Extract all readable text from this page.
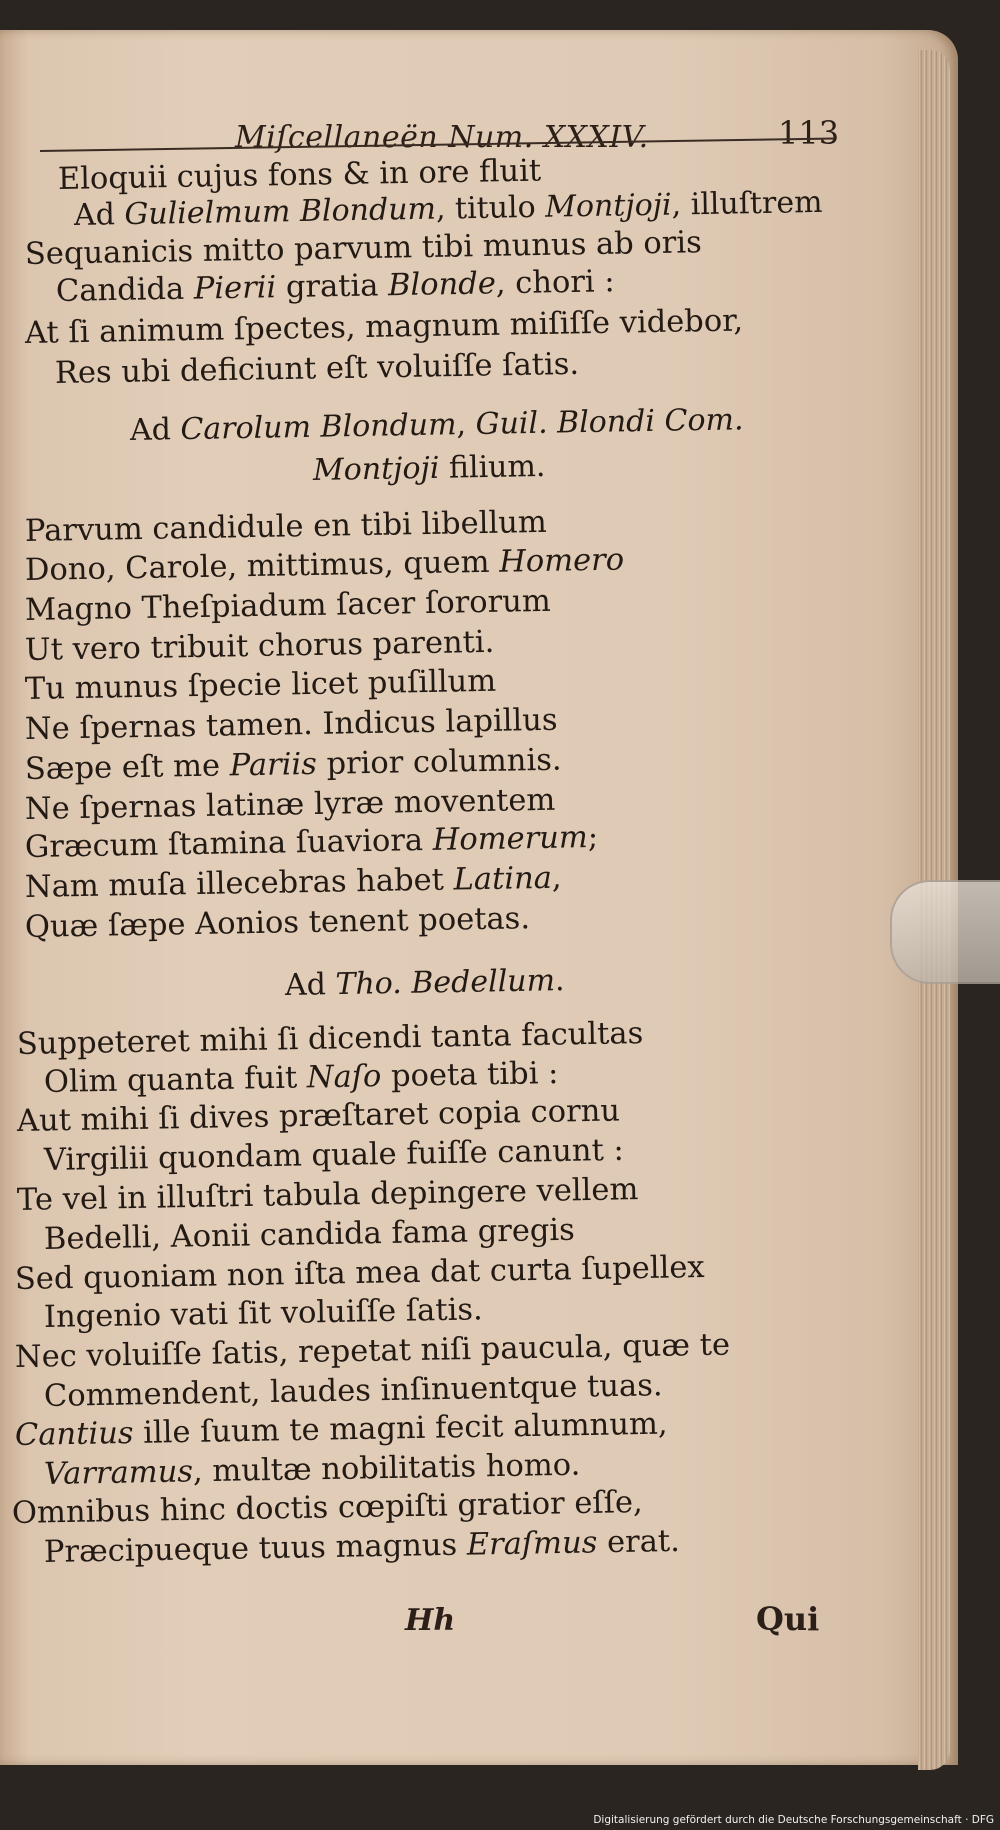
Miſcellaneën Num. XXXIV.	113
Eloquii cujus fons & in ore fluit
Ad Gulielmum Blondum, titulo Montjoji, illuſtrem
Sequanicis mitto parvum tibi munus ab oris
Candida Pierii gratia Blonde, chori :
At ſi animum ſpectes, magnum miſiſſe videbor,
Res ubi deficiunt eſt voluiſſe ſatis.
Ad Carolum Blondum, Guil. Blondi Com.
Montjoji filium.
Parvum candidule en tibi libellum
Dono, Carole, mittimus, quem Homero
Magno Theſpiadum ſacer ſororum
Ut vero tribuit chorus parenti.
Tu munus ſpecie licet puſillum
Ne ſpernas tamen. Indicus lapillus
Sæpe eſt me Pariis prior columnis.
Ne ſpernas latinæ lyræ moventem
Græcum ſtamina ſuaviora Homerum;
Nam muſa illecebras habet Latina,
Quæ ſæpe Aonios tenent poetas.
Ad Tho. Bedellum.
Suppeteret mihi ſi dicendi tanta facultas
Olim quanta fuit Naſo poeta tibi :
Aut mihi ſi dives præſtaret copia cornu
Virgilii quondam quale fuiſſe canunt :
Te vel in illuſtri tabula depingere vellem
Bedelli, Aonii candida fama gregis
Sed quoniam non iſta mea dat curta ſupellex
Ingenio vati ſit voluiſſe ſatis.
Nec voluiſſe ſatis, repetat niſi paucula, quæ te
Commendent, laudes inſinuentque tuas.
Cantius ille ſuum te magni fecit alumnum,
Varramus, multæ nobilitatis homo.
Omnibus hinc doctis cœpiſti gratior eſſe,
Præcipueque tuus magnus Eraſmus erat.
Hh	Qui
Digitalisierung gefördert durch die Deutsche Forschungsgemeinschaft · DFG
